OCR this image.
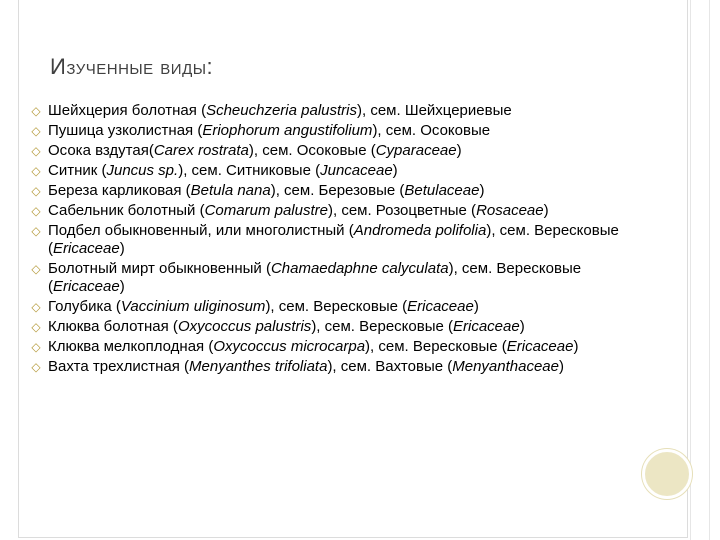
Изученные виды:
◇ Шейхцерия болотная (Scheuchzeria palustris), сем. Шейхцериевые
◇ Пушица узколистная (Eriophorum angustifolium), сем. Осоковые
◇ Осока вздутая(Carex rostrata), сем. Осоковые (Cyparaceae)
◇ Ситник (Juncus sp.), сем. Ситниковые (Juncaceae)
◇ Береза карликовая (Betula nana), сем. Березовые (Betulaceae)
◇ Сабельник болотный (Comarum palustre), сем. Розоцветные (Rosaceae)
◇ Подбел обыкновенный, или многолистный (Andromeda polifolia), сем. Вересковые (Ericaceae)
◇ Болотный мирт обыкновенный (Chamaedaphne calyculata), сем. Вересковые (Ericaceae)
◇ Голубика (Vaccinium uliginosum), сем. Вересковые (Ericaceae)
◇ Клюква болотная (Oxycoccus palustris), сем. Вересковые (Ericaceae)
◇ Клюква мелкоплодная (Oxycoccus microcarpa), сем. Вересковые (Ericaceae)
◇ Вахта трехлистная (Menyanthes trifoliata), сем. Вахтовые (Menyanthaceae)
